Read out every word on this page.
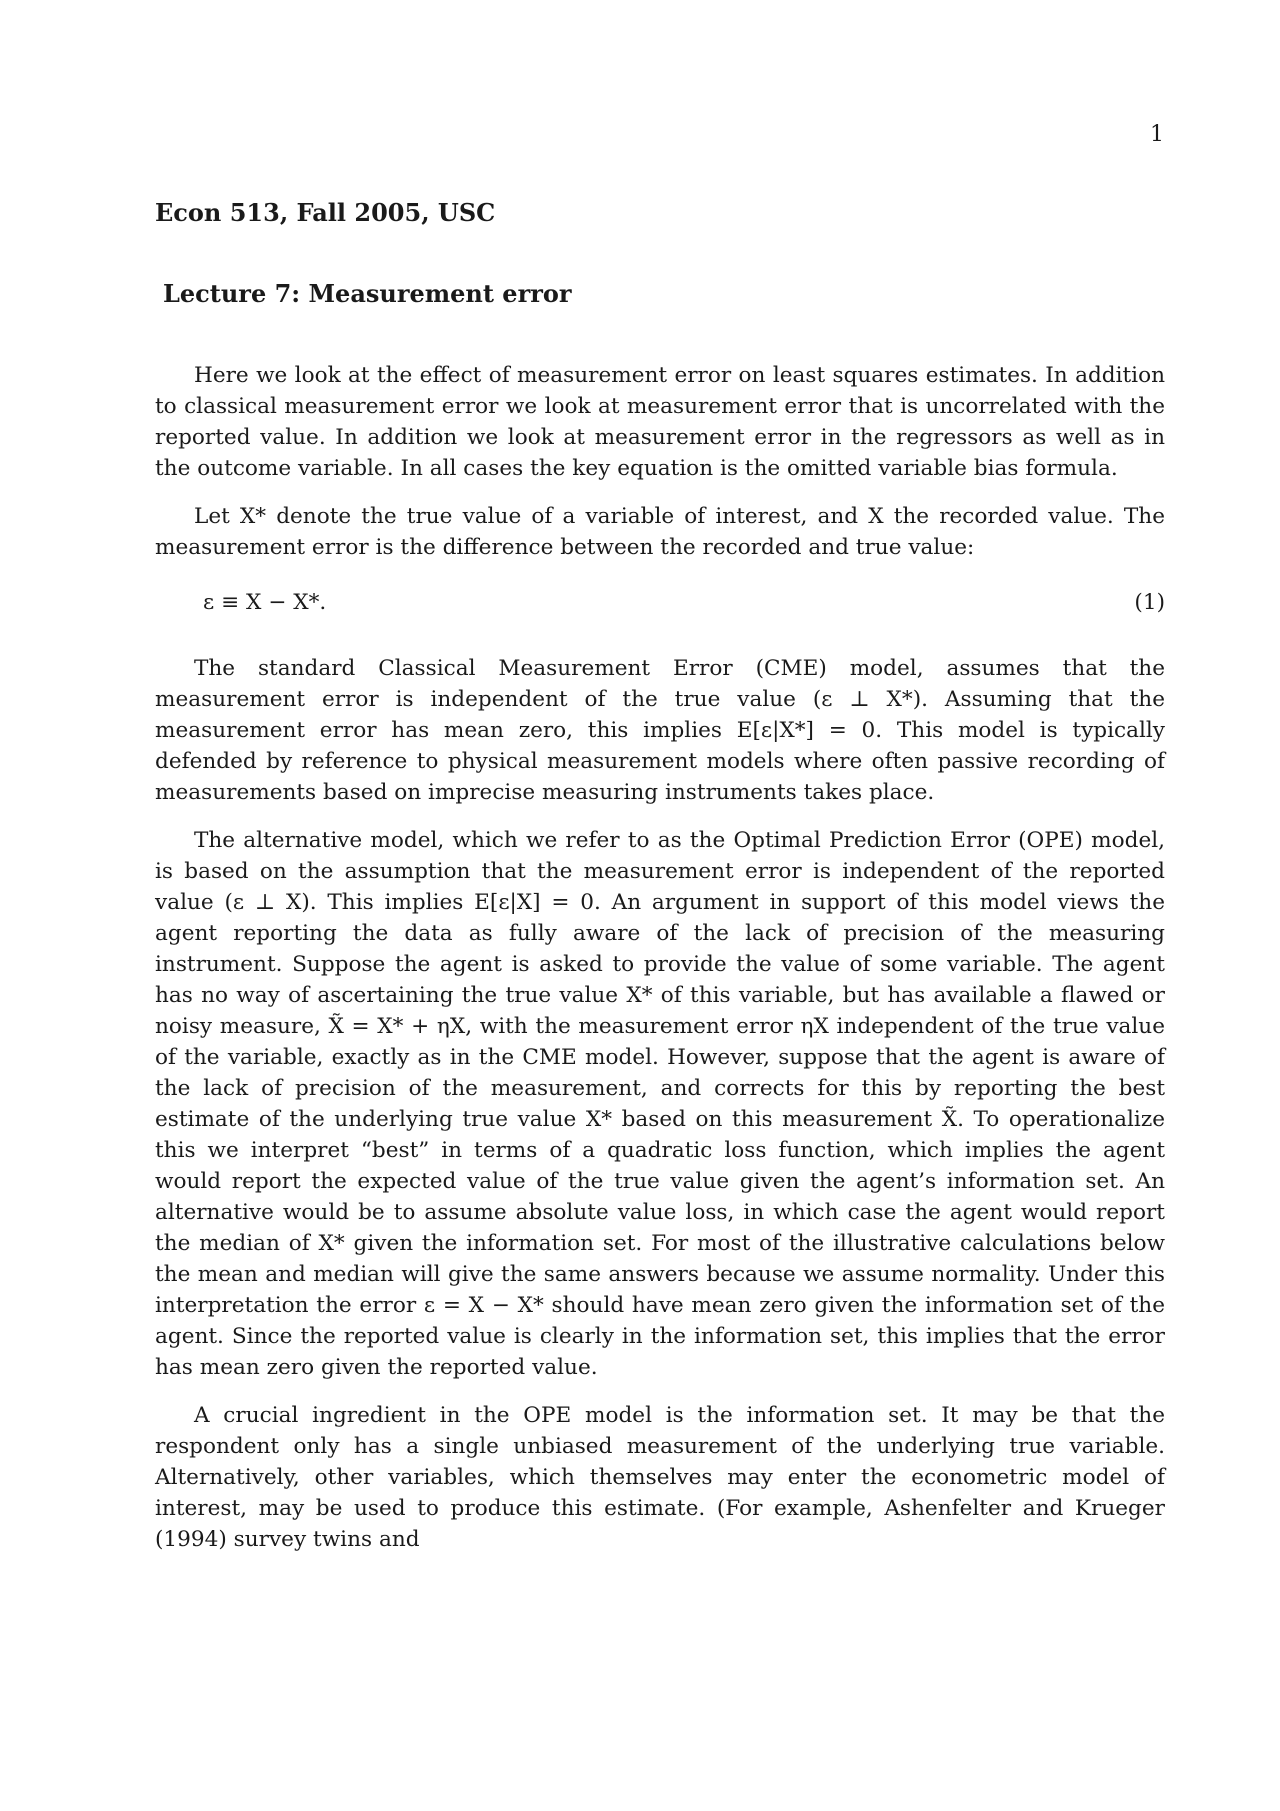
1
Econ 513, Fall 2005, USC
Lecture 7: Measurement error

Here we look at the effect of measurement error on least squares estimates. In addition to classical measurement error we look at measurement error that is uncorrelated with the reported value. In addition we look at measurement error in the regressors as well as in the outcome variable. In all cases the key equation is the omitted variable bias formula.

Let X* denote the true value of a variable of interest, and X the recorded value. The measurement error is the difference between the recorded and true value:

ε ≡ X − X*.	(1)

The standard Classical Measurement Error (CME) model, assumes that the measurement error is independent of the true value (ε ⊥ X*). Assuming that the measurement error has mean zero, this implies E[ε|X*] = 0. This model is typically defended by reference to physical measurement models where often passive recording of measurements based on imprecise measuring instruments takes place.

The alternative model, which we refer to as the Optimal Prediction Error (OPE) model, is based on the assumption that the measurement error is independent of the reported value (ε ⊥ X). This implies E[ε|X] = 0. An argument in support of this model views the agent reporting the data as fully aware of the lack of precision of the measuring instrument. Suppose the agent is asked to provide the value of some variable. The agent has no way of ascertaining the true value X* of this variable, but has available a flawed or noisy measure, X̃ = X* + ηX, with the measurement error ηX independent of the true value of the variable, exactly as in the CME model. However, suppose that the agent is aware of the lack of precision of the measurement, and corrects for this by reporting the best estimate of the underlying true value X* based on this measurement X̃. To operationalize this we interpret “best” in terms of a quadratic loss function, which implies the agent would report the expected value of the true value given the agent’s information set. An alternative would be to assume absolute value loss, in which case the agent would report the median of X* given the information set. For most of the illustrative calculations below the mean and median will give the same answers because we assume normality. Under this interpretation the error ε = X − X* should have mean zero given the information set of the agent. Since the reported value is clearly in the information set, this implies that the error has mean zero given the reported value.

A crucial ingredient in the OPE model is the information set. It may be that the respondent only has a single unbiased measurement of the underlying true variable. Alternatively, other variables, which themselves may enter the econometric model of interest, may be used to produce this estimate. (For example, Ashenfelter and Krueger (1994) survey twins and
